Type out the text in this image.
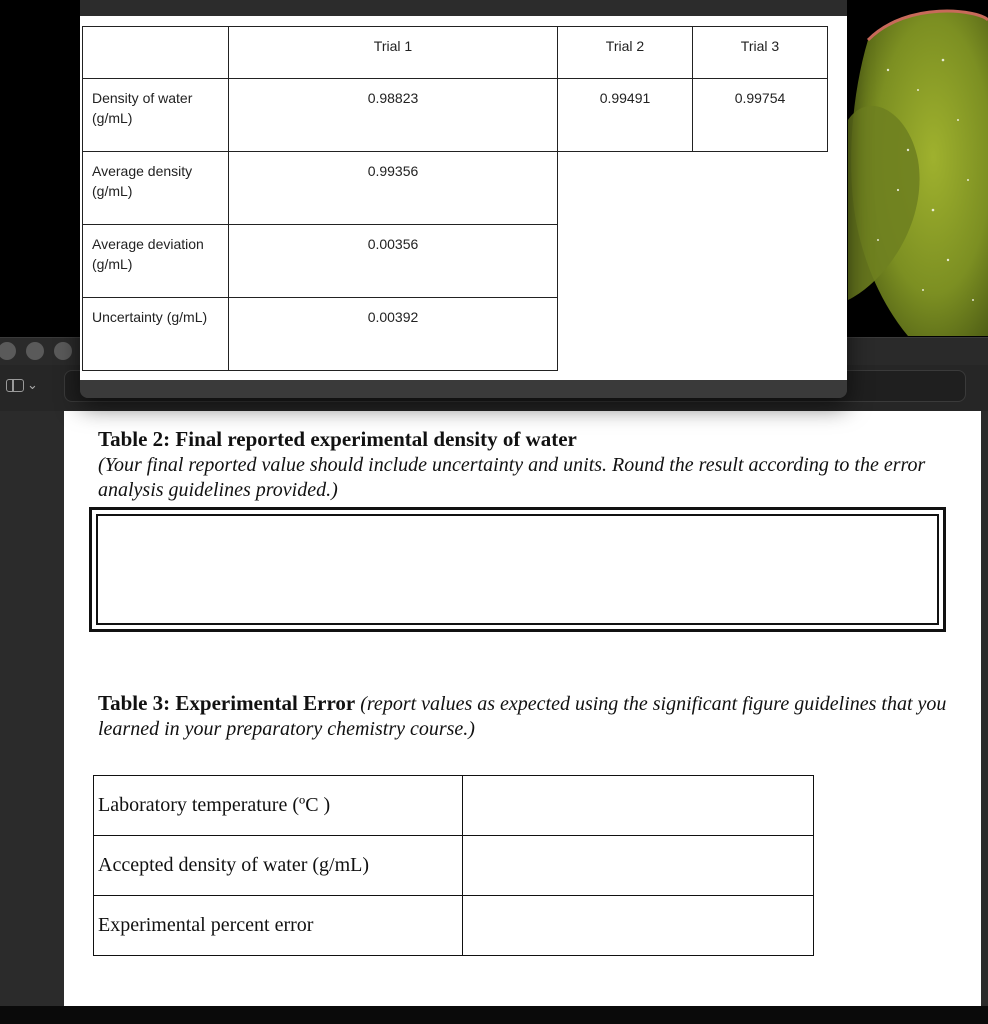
⌄
Table 2: Final reported experimental density of water
(Your final reported value should include uncertainty and units. Round the result according to the error analysis guidelines provided.)
Table 3: Experimental Error (report values as expected using the significant figure guidelines that you learned in your preparatory chemistry course.)
Laboratory temperature (ºC )	
Accepted density of water (g/mL)	
Experimental percent error	

	Trial 1	Trial 2	Trial 3

Density of water (g/mL)	0.98823	0.99491	0.99754

Average density (g/mL)	0.99356		

Average deviation (g/mL)	0.00356		

Uncertainty (g/mL)	0.00392		
